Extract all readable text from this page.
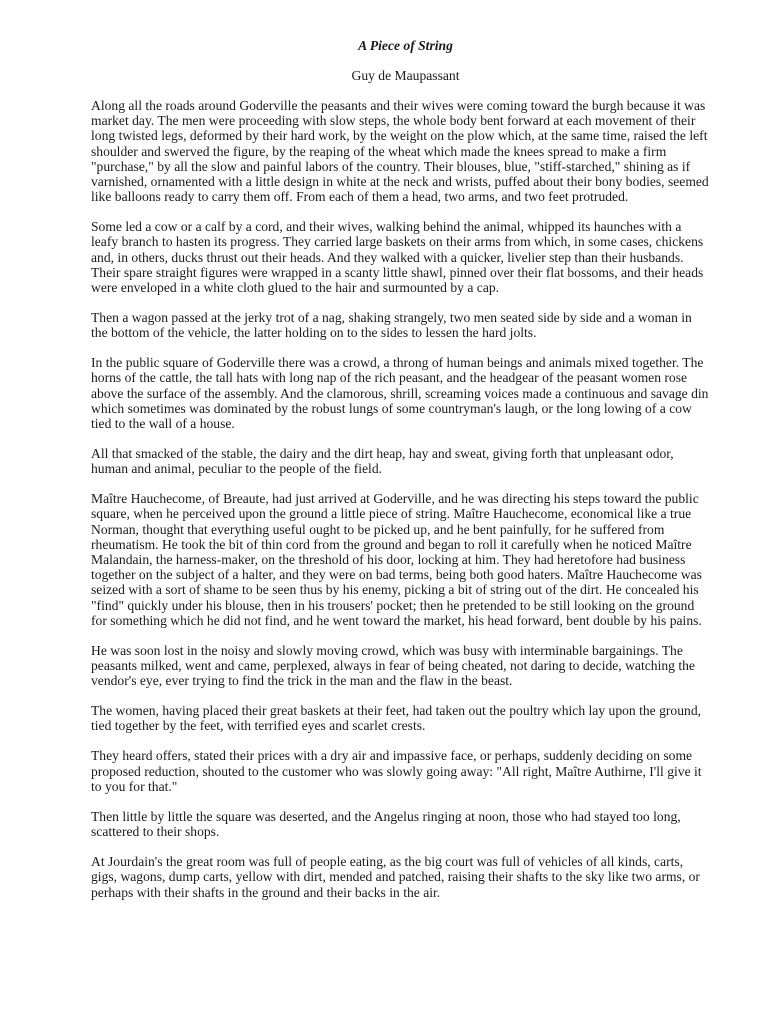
A Piece of String

Guy de Maupassant

Along all the roads around Goderville the peasants and their wives were coming toward the burgh because it was market day. The men were proceeding with slow steps, the whole body bent forward at each movement of their long twisted legs, deformed by their hard work, by the weight on the plow which, at the same time, raised the left shoulder and swerved the figure, by the reaping of the wheat which made the knees spread to make a firm "purchase," by all the slow and painful labors of the country. Their blouses, blue, "stiff-starched," shining as if varnished, ornamented with a little design in white at the neck and wrists, puffed about their bony bodies, seemed like balloons ready to carry them off. From each of them a head, two arms, and two feet protruded.

Some led a cow or a calf by a cord, and their wives, walking behind the animal, whipped its haunches with a leafy branch to hasten its progress. They carried large baskets on their arms from which, in some cases, chickens and, in others, ducks thrust out their heads. And they walked with a quicker, livelier step than their husbands. Their spare straight figures were wrapped in a scanty little shawl, pinned over their flat bossoms, and their heads were enveloped in a white cloth glued to the hair and surmounted by a cap.

Then a wagon passed at the jerky trot of a nag, shaking strangely, two men seated side by side and a woman in the bottom of the vehicle, the latter holding on to the sides to lessen the hard jolts.

In the public square of Goderville there was a crowd, a throng of human beings and animals mixed together. The horns of the cattle, the tall hats with long nap of the rich peasant, and the headgear of the peasant women rose above the surface of the assembly. And the clamorous, shrill, screaming voices made a continuous and savage din which sometimes was dominated by the robust lungs of some countryman's laugh, or the long lowing of a cow tied to the wall of a house.

All that smacked of the stable, the dairy and the dirt heap, hay and sweat, giving forth that unpleasant odor, human and animal, peculiar to the people of the field.

Maître Hauchecome, of Breaute, had just arrived at Goderville, and he was directing his steps toward the public square, when he perceived upon the ground a little piece of string. Maître Hauchecome, economical like a true Norman, thought that everything useful ought to be picked up, and he bent painfully, for he suffered from rheumatism. He took the bit of thin cord from the ground and began to roll it carefully when he noticed Maître Malandain, the harness-maker, on the threshold of his door, locking at him. They had heretofore had business together on the subject of a halter, and they were on bad terms, being both good haters. Maître Hauchecome was seized with a sort of shame to be seen thus by his enemy, picking a bit of string out of the dirt. He concealed his "find" quickly under his blouse, then in his trousers' pocket; then he pretended to be still looking on the ground for something which he did not find, and he went toward the market, his head forward, bent double by his pains.

He was soon lost in the noisy and slowly moving crowd, which was busy with interminable bargainings. The peasants milked, went and came, perplexed, always in fear of being cheated, not daring to decide, watching the vendor's eye, ever trying to find the trick in the man and the flaw in the beast.

The women, having placed their great baskets at their feet, had taken out the poultry which lay upon the ground, tied together by the feet, with terrified eyes and scarlet crests.

They heard offers, stated their prices with a dry air and impassive face, or perhaps, suddenly deciding on some proposed reduction, shouted to the customer who was slowly going away: "All right, Maître Authirne, I'll give it to you for that."

Then little by little the square was deserted, and the Angelus ringing at noon, those who had stayed too long, scattered to their shops.

At Jourdain's the great room was full of people eating, as the big court was full of vehicles of all kinds, carts, gigs, wagons, dump carts, yellow with dirt, mended and patched, raising their shafts to the sky like two arms, or perhaps with their shafts in the ground and their backs in the air.
